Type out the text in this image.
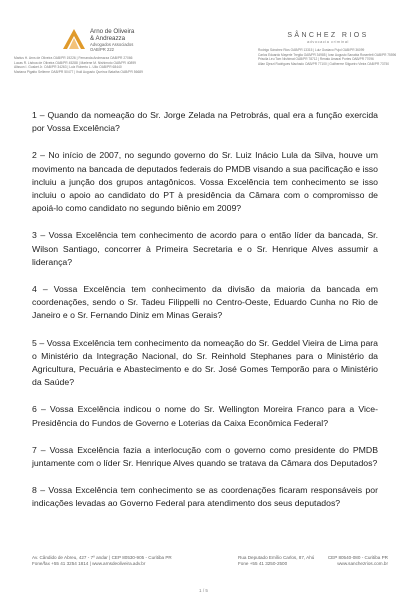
Arno de Oliveira
& Andreazza
Advogados Associados
OAB/PR 222
Marlus H. Arns de Oliveira OAB/PR 19226 | Fernanda Andreazza OAB/PR 27066
Lucas R. Lisboa de Oliveira OAB/PR 45288 | Marlene M. Nishimoto OAB/PR 40899
Alisson I. Gusket Jr. OAB/PR 34263 | Luiz Roberto L. Ulio OAB/PR 68440
Mariana Pigatto Selleme OAB/PR 50477 | Ihuli Augusto Queiroz Batalha OAB/PR 56689
SÂNCHEZ RIOS
advocacia criminal
Rodrigo Sánchez Rios OAB/PR 13315 | Luiz Gustavo Pujol OAB/PR 36099
Carlos Eduardo Mayerle Treglia OAB/PR 34985 | Ivan Augusto Sanabia Rosenfelt OAB/PR 75596
Priscila Leu Tom Nishimat OAB/PR 78712 | Renato Amaral Portes OAB/PR 77096
Allan Djezzi Rodrigues Machado OAB/PR 77100 | Guilherme Silgueiro Vieira OAB/PR 73750

1 – Quando da nomeação do Sr. Jorge Zelada na Petrobrás, qual era a função exercida por Vossa Excelência?

2 – No início de 2007, no segundo governo do Sr. Luiz Inácio Lula da Silva, houve um movimento na bancada de deputados federais do PMDB visando a sua pacificação e isso incluiu a junção dos grupos antagônicos. Vossa Excelência tem conhecimento se isso incluiu o apoio ao candidato do PT à presidência da Câmara com o compromisso de apoiá-lo como candidato no segundo biênio em 2009?

3 – Vossa Excelência tem conhecimento de acordo para o então líder da bancada, Sr. Wilson Santiago, concorrer à Primeira Secretaria e o Sr. Henrique Alves assumir a liderança?

4 – Vossa Excelência tem conhecimento da divisão da maioria da bancada em coordenações, sendo o Sr. Tadeu Filippelli no Centro-Oeste, Eduardo Cunha no Rio de Janeiro e o Sr. Fernando Diniz em Minas Gerais?

5 – Vossa Excelência tem conhecimento da nomeação do Sr. Geddel Vieira de Lima para o Ministério da Integração Nacional, do Sr. Reinhold Stephanes para o Ministério da Agricultura, Pecuária e Abastecimento e do Sr. José Gomes Temporão para o Ministério da Saúde?

6 – Vossa Excelência indicou o nome do Sr. Wellington Moreira Franco para a Vice-Presidência do Fundos de Governo e Loterias da Caixa Econômica Federal?

7 – Vossa Excelência fazia a interlocução com o governo como presidente do PMDB juntamente com o líder Sr. Henrique Alves quando se tratava da Câmara dos Deputados?

8 – Vossa Excelência tem conhecimento se as coordenações ficaram responsáveis por indicações levadas ao Governo Federal para atendimento dos seus deputados?

Av. Cândido de Abreu, 427 - 7º andar | CEP 80530-905 - Curitiba PR
Fone/fax +55 41 3254 1814 | www.arnsdeoliveira.adv.br
Rua Deputado Emílio Carlos, 87, Ahú	CEP 80540-080 - Curitiba PR
Fone +55 41 3250-2500	www.sanchezrios.com.br
1 / 5
